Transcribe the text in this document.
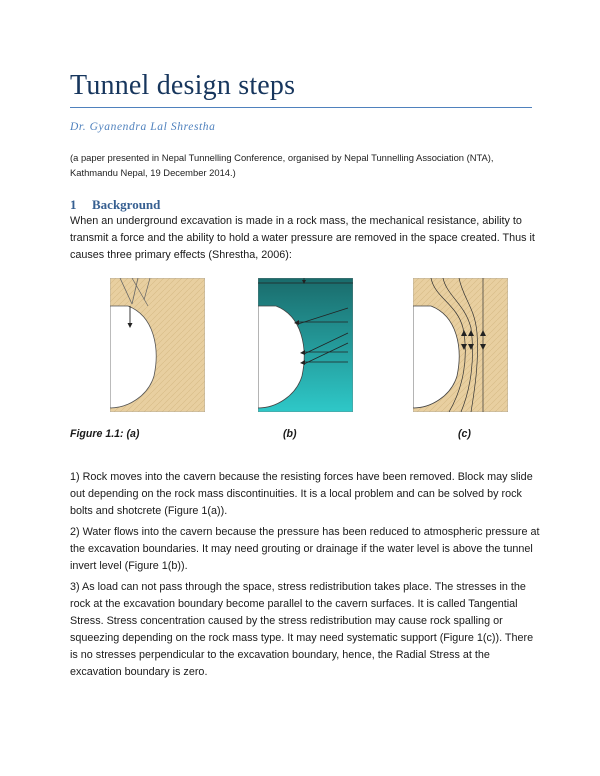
Tunnel design steps
Dr. Gyanendra Lal Shrestha
(a paper presented in Nepal Tunnelling Conference, organised by Nepal Tunnelling Association (NTA), Kathmandu Nepal, 19 December 2014.)
1 Background
When an underground excavation is made in a rock mass, the mechanical resistance, ability to transmit a force and the ability to hold a water pressure are removed in the space created. Thus it causes three primary effects (Shrestha, 2006):
Figure 1.1: (a)	(b)	(c)

1) Rock moves into the cavern because the resisting forces have been removed. Block may slide out depending on the rock mass discontinuities. It is a local problem and can be solved by rock bolts and shotcrete (Figure 1(a)).

2) Water flows into the cavern because the pressure has been reduced to atmospheric pressure at the excavation boundaries. It may need grouting or drainage if the water level is above the tunnel invert level (Figure 1(b)).

3) As load can not pass through the space, stress redistribution takes place. The stresses in the rock at the excavation boundary become parallel to the cavern surfaces. It is called Tangential Stress. Stress concentration caused by the stress redistribution may cause rock spalling or squeezing depending on the rock mass type. It may need systematic support (Figure 1(c)). There is no stresses perpendicular to the excavation boundary, hence, the Radial Stress at the excavation boundary is zero.
